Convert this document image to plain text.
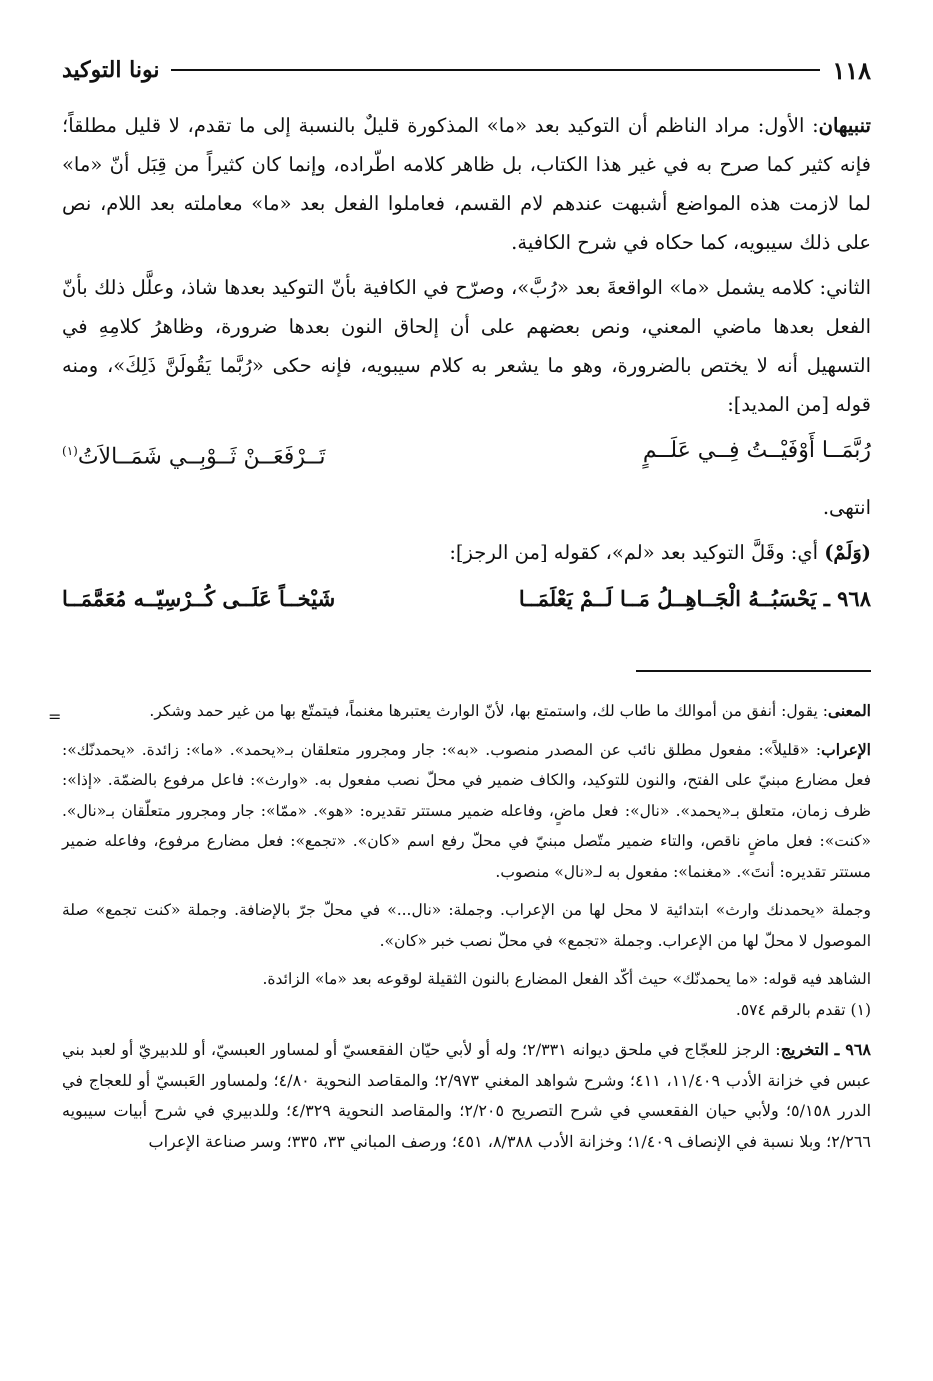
١١٨
نونا التوكيد

تنبيهان: الأول: مراد الناظم أن التوكيد بعد «ما» المذكورة قليلٌ بالنسبة إلى ما تقدم، لا قليل مطلقاً؛ فإنه كثير كما صرح به في غير هذا الكتاب، بل ظاهر كلامه اطّراده، وإنما كان كثيراً من قِبَل أنّ «ما» لما لازمت هذه المواضع أشبهت عندهم لام القسم، فعاملوا الفعل بعد «ما» معاملته بعد اللام، نص على ذلك سيبويه، كما حكاه في شرح الكافية.

الثاني: كلامه يشمل «ما» الواقعةَ بعد «رُبَّ»، وصرّح في الكافية بأنّ التوكيد بعدها شاذ، وعلَّل ذلك بأنّ الفعل بعدها ماضي المعني، ونص بعضهم على أن إلحاق النون بعدها ضرورة، وظاهرُ كلامِهِ في التسهيل أنه لا يختص بالضرورة، وهو ما يشعر به كلام سيبويه، فإنه حكى «رُبَّما يَقُولَنَّ ذَلِكَ»، ومنه قوله [من المديد]:

رُبَّمَــا أَوْفَيْــتُ فِــي عَلَــمٍ
تَــرْفَعَــنْ ثَــوْبِــي شَمَــالاَتُ$^{(١)}$

انتهى.

(وَلَمْ) أي: وقَلَّ التوكيد بعد «لم»، كقوله [من الرجز]:

٩٦٨ ـ يَحْسَبُــهُ الْجَــاهِــلُ مَــا لَــمْ يَعْلَمَــا
شَيْخــاً عَلَــى كُــرْسِيّــه مُعَمَّمَــا
=	المعنى: يقول: أنفق من أموالك ما طاب لك، واستمتع بها، لأنّ الوارث يعتبرها مغنماً، فيتمتّع بها من غير حمد وشكر.

الإعراب: «قليلاً»: مفعول مطلق نائب عن المصدر منصوب. «به»: جار ومجرور متعلقان بـ«يحمد». «ما»: زائدة. «يحمدنّك»: فعل مضارع مبنيّ على الفتح، والنون للتوكيد، والكاف ضمير في محلّ نصب مفعول به. «وارث»: فاعل مرفوع بالضمّة. «إذا»: ظرف زمان، متعلق بـ«يحمد». «نال»: فعل ماضٍ، وفاعله ضمير مستتر تقديره: «هو». «ممّا»: جار ومجرور متعلّقان بـ«نال». «كنت»: فعل ماضٍ ناقص، والتاء ضمير متّصل مبنيّ في محلّ رفع اسم «كان». «تجمع»: فعل مضارع مرفوع، وفاعله ضمير مستتر تقديره: أنتَ». «مغنما»: مفعول به لـ«نال» منصوب.

وجملة «يحمدنك وارث» ابتدائية لا محل لها من الإعراب. وجملة: «نال...» في محلّ جرّ بالإضافة. وجملة «كنت تجمع» صلة الموصول لا محلّ لها من الإعراب. وجملة «تجمع» في محلّ نصب خبر «كان».

الشاهد فيه قوله: «ما يحمدنّك» حيث أكّد الفعل المضارع بالنون الثقيلة لوقوعه بعد «ما» الزائدة.

(١) تقدم بالرقم ٥٧٤.

٩٦٨ ـ التخريج: الرجز للعجّاج في ملحق ديوانه ٢/٣٣١؛ وله أو لأبي حيّان الفقعسيّ أو لمساور العبسيّ، أو للدبيريّ أو لعبد بني عبس في خزانة الأدب ١١/٤٠٩، ٤١١؛ وشرح شواهد المغني ٢/٩٧٣؛ والمقاصد النحوية ٤/٨٠؛ ولمساور العَبسيّ أو للعجاج في الدرر ٥/١٥٨؛ ولأبي حيان الفقعسي في شرح التصريح ٢/٢٠٥؛ والمقاصد النحوية ٤/٣٢٩؛ وللدبيري في شرح أبيات سيبويه ٢/٢٦٦؛ وبلا نسبة في الإنصاف ١/٤٠٩؛ وخزانة الأدب ٨/٣٨٨، ٤٥١؛ ورصف المباني ٣٣، ٣٣٥؛ وسر صناعة الإعراب
